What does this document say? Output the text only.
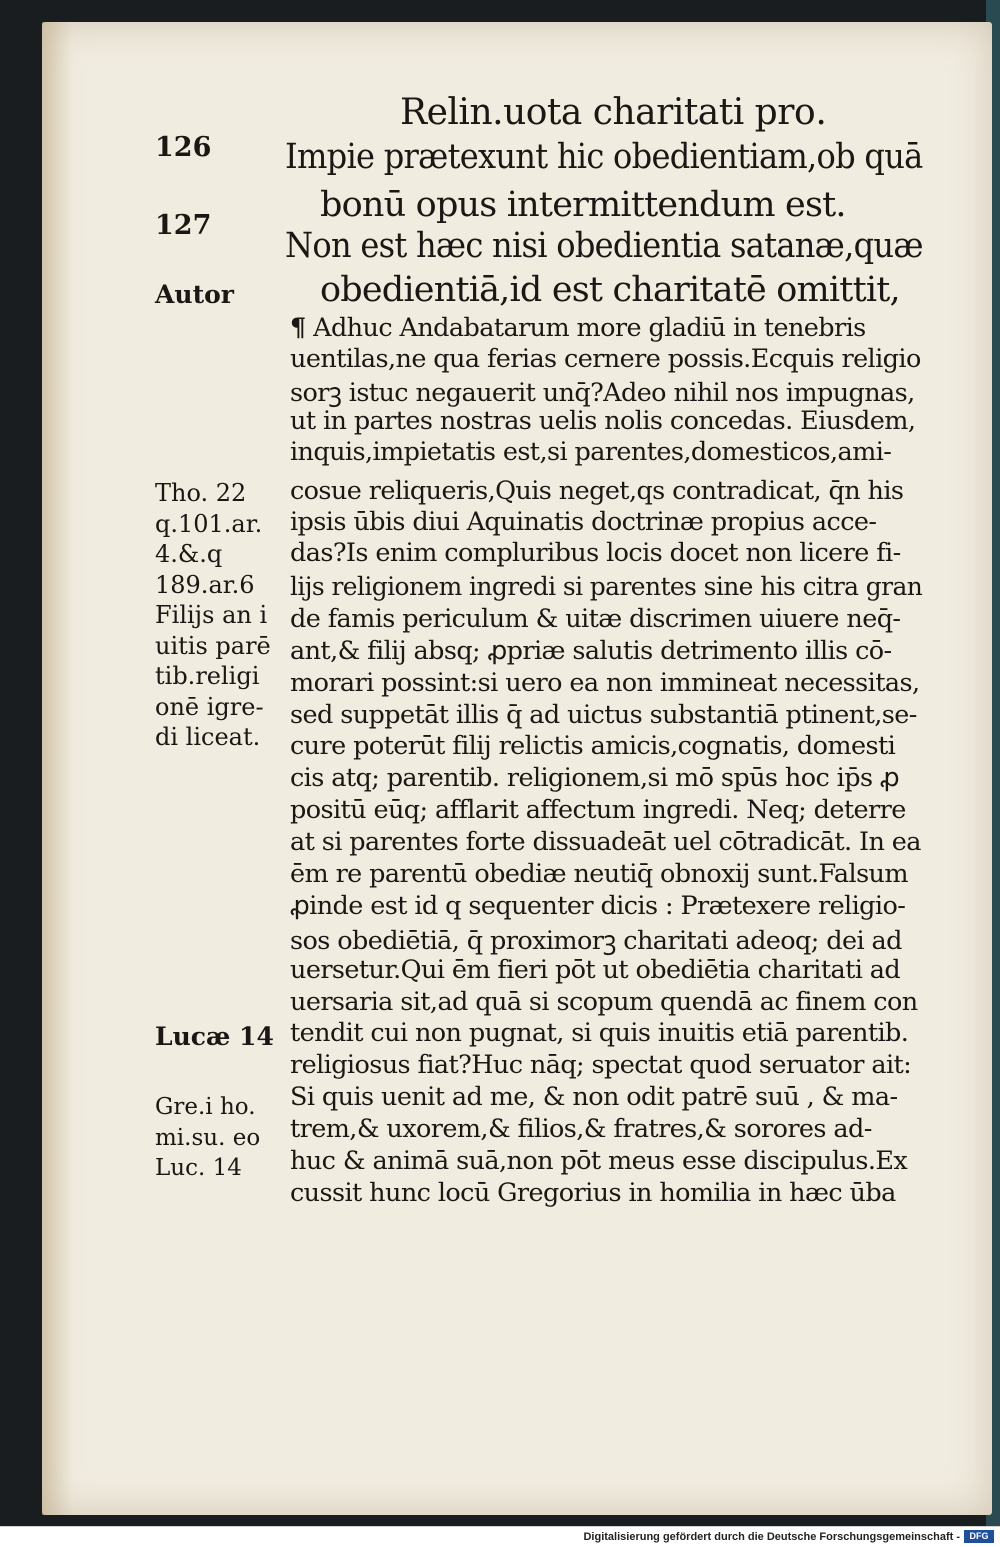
Relin.uota charitati pro․
126
127
Autor
Tho. 22
q.101.ar.
4.&.q
189.ar.6
Filijs an i
uitis parē
tib.religi
onē igre-
di liceat.
Lucæ 14
Gre.i ho.
mi.su. eo
Luc. 14
Impie prætexunt hic obedientiam,ob quā
bonū opus intermittendum est.
Non est hæc nisi obedientia satanæ,quæ
obedientiā,id est charitatē omittit,
¶ Adhuc Andabatarum more gladiū in tenebris
uentilas,ne qua ferias cernere possis.Ecquis religio
sorꝫ istuc negauerit unq̄?Adeo nihil nos impugnas,
ut in partes nostras uelis nolis concedas. Eiusdem,
inquis,impietatis est,si parentes,domesticos,ami-
cosue reliqueris,Quis neget,qs contradicat, q̄n his
ipsis ūbis diui Aquinatis doctrinæ propius acce-
das?Is enim compluribus locis docet non licere fi-
lijs religionem ingredi si parentes sine his citra gran
de famis periculum & uitæ discrimen uiuere neq̄-
ant,& filij absq; ꝓpriæ salutis detrimento illis cō-
morari possint:si uero ea non immineat necessitas,
sed suppetāt illis q̄ ad uictus substantiā ptinent,se-
cure poterūt filij relictis amicis,cognatis, domesti
cis atq; parentib. religionem,si mō spūs hoc ip̄s ꝓ
positū eūq; afflarit affectum ingredi. Neq; deterre
at si parentes forte dissuadeāt uel cōtradicāt. In ea
ēm re parentū obediæ neutiq̄ obnoxij sunt.Falsum
ꝓinde est id q sequenter dicis : Prætexere religio-
sos obediētiā, q̄ proximorꝫ charitati adeoq; dei ad
uersetur.Qui ēm fieri pōt ut obediētia charitati ad
uersaria sit,ad quā si scopum quendā ac finem con
tendit cui non pugnat, si quis inuitis etiā parentib.
religiosus fiat?Huc nāq; spectat quod seruator ait:
Si quis uenit ad me, & non odit patrē suū , & ma-
trem,& uxorem,& filios,& fratres,& sorores ad-
huc & animā suā,non pōt meus esse discipulus.Ex
cussit hunc locū Gregorius in homilia in hæc ūba
Digitalisierung gefördert durch die Deutsche Forschungsgemeinschaft -	DFG
